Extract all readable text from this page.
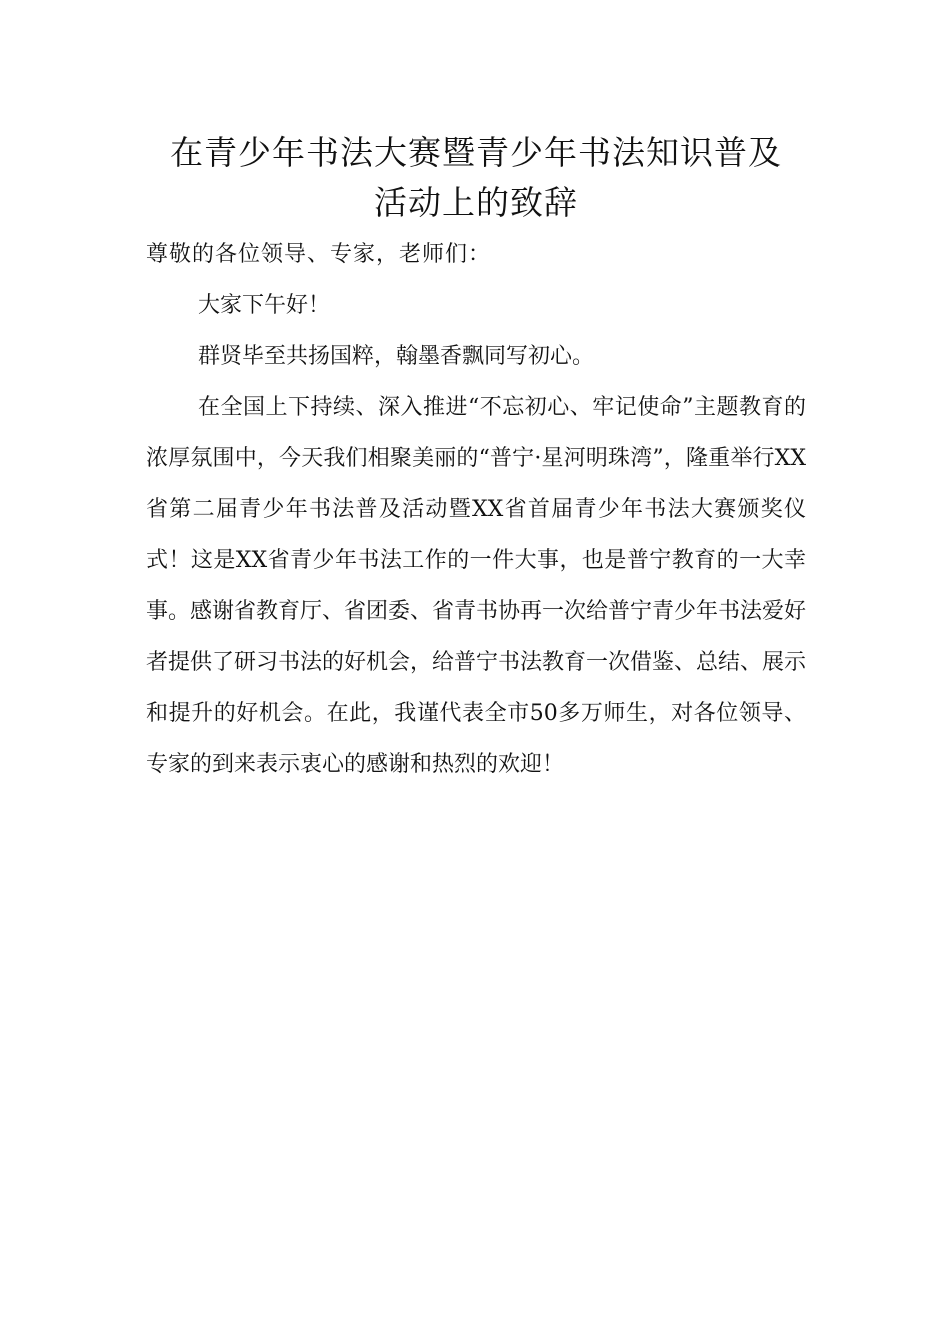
在青少年书法大赛暨青少年书法知识普及
活动上的致辞

尊敬的各位领导、专家，老师们：

大家下午好！

群贤毕至共扬国粹，翰墨香飘同写初心。

在全国上下持续、深入推进“不忘初心、牢记使命”主题教育的浓厚氛围中，今天我们相聚美丽的“普宁·星河明珠湾”，隆重举行XX省第二届青少年书法普及活动暨XX省首届青少年书法大赛颁奖仪式！这是XX省青少年书法工作的一件大事，也是普宁教育的一大幸事。感谢省教育厅、省团委、省青书协再一次给普宁青少年书法爱好者提供了研习书法的好机会，给普宁书法教育一次借鉴、总结、展示和提升的好机会。在此，我谨代表全市50多万师生，对各位领导、专家的到来表示衷心的感谢和热烈的欢迎！
